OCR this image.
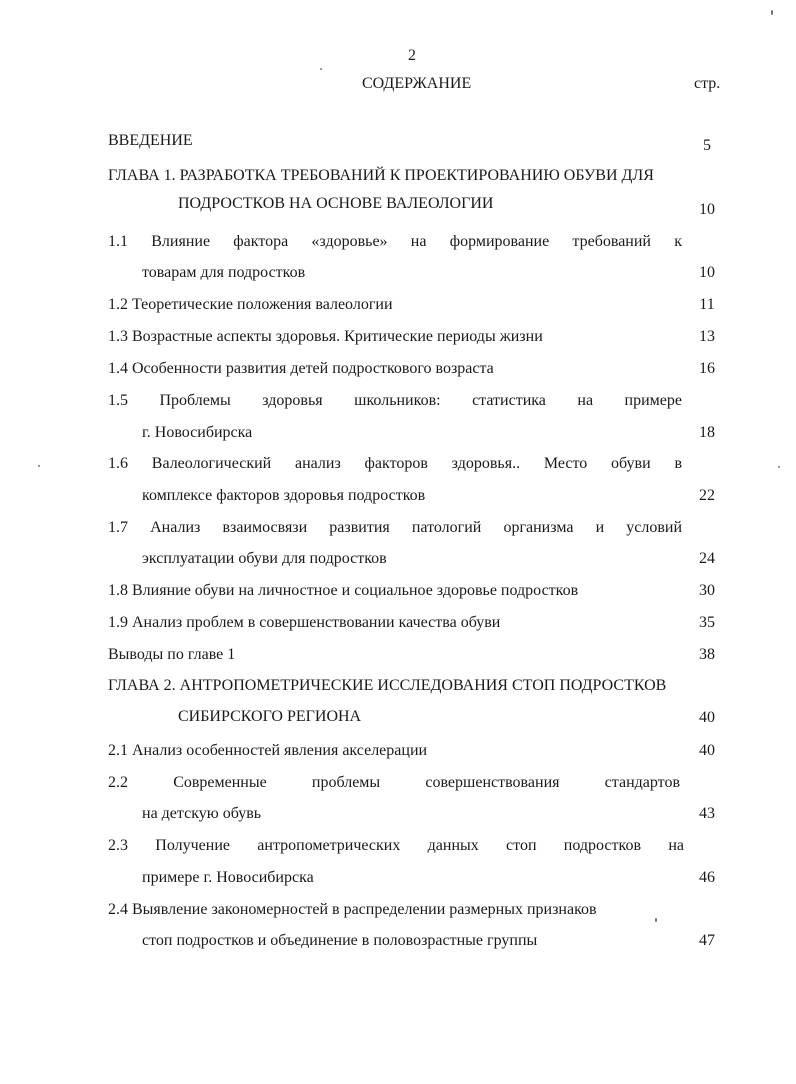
2
СОДЕРЖАНИЕ	стр.
ВВЕДЕНИЕ	5
ГЛАВА 1. РАЗРАБОТКА ТРЕБОВАНИЙ К ПРОЕКТИРОВАНИЮ ОБУВИ ДЛЯ
ПОДРОСТКОВ НА ОСНОВЕ ВАЛЕОЛОГИИ	10
1.1 Влияние фактора «здоровье» на формирование требований к
товарам для подростков	10
1.2 Теоретические положения валеологии	11
1.3 Возрастные аспекты здоровья. Критические периоды жизни	13
1.4 Особенности развития детей подросткового возраста	16
1.5 Проблемы здоровья школьников: статистика на примере
г. Новосибирска	18
1.6 Валеологический анализ факторов здоровья.. Место обуви в
комплексе факторов здоровья подростков	22
1.7 Анализ взаимосвязи развития патологий организма и условий
эксплуатации обуви для подростков	24
1.8 Влияние обуви на личностное и социальное здоровье подростков	30
1.9 Анализ проблем в совершенствовании качества обуви	35
Выводы по главе 1	38
ГЛАВА 2. АНТРОПОМЕТРИЧЕСКИЕ ИССЛЕДОВАНИЯ СТОП ПОДРОСТКОВ
СИБИРСКОГО РЕГИОНА	40
2.1 Анализ особенностей явления акселерации	40
2.2 Современные проблемы совершенствования стандартов
на детскую обувь	43
2.3 Получение антропометрических данных стоп подростков на
примере г. Новосибирска	46
2.4 Выявление закономерностей в распределении размерных признаков
стоп подростков и объединение в половозрастные группы	47
